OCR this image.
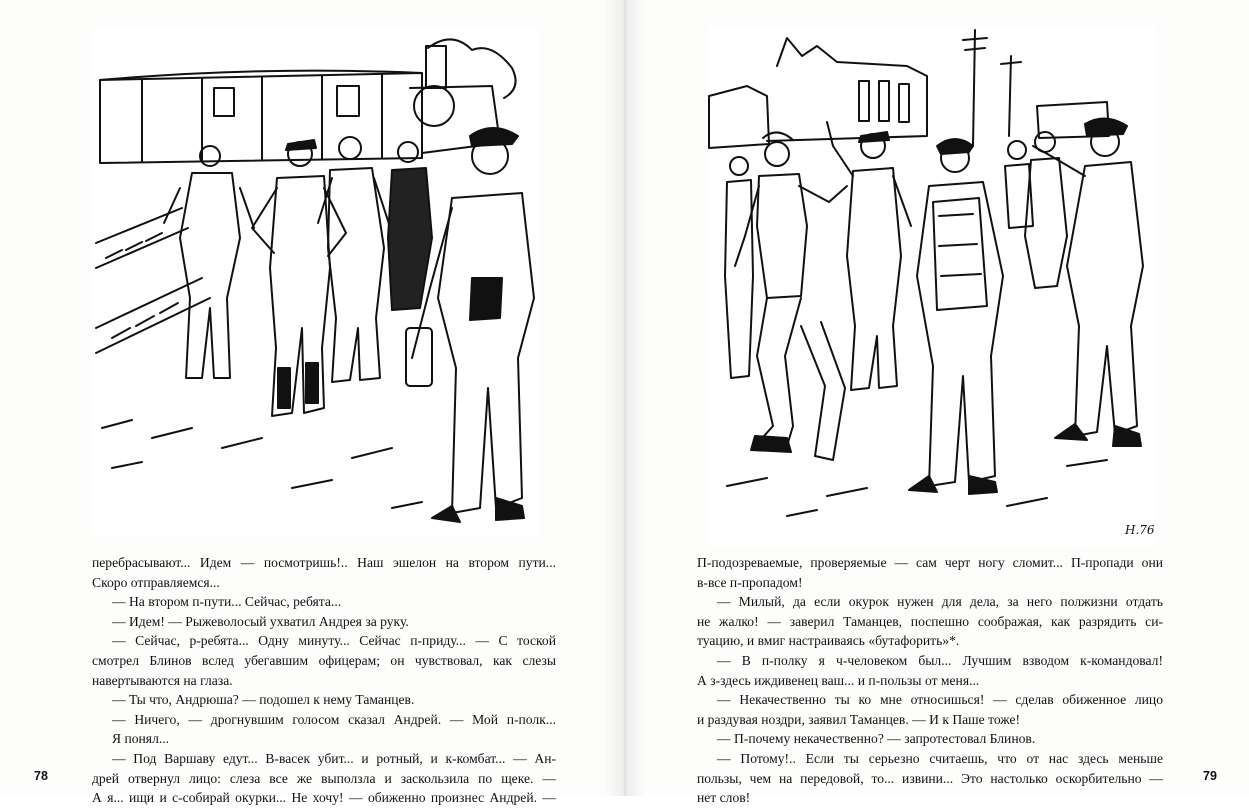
перебрасывают... Идем — посмотришь!.. Наш эшелон на втором пути...
Скоро отправляемся...
— На втором п-пути... Сейчас, ребята...
— Идем! — Рыжеволосый ухватил Андрея за руку.
— Сейчас, р-ребята... Одну минуту... Сейчас п-приду... — С тоской
смотрел Блинов вслед убегавшим офицерам; он чувствовал, как слезы
навертываются на глаза.
— Ты что, Андрюша? — подошел к нему Таманцев.
— Ничего, — дрогнувшим голосом сказал Андрей. — Мой п-полк...
Я понял...
— Под Варшаву едут... В-васек убит... и ротный, и к-комбат... — Ан-
дрей отвернул лицо: слеза все же выползла и заскользила по щеке. —
А я... ищи и с-собирай окурки... Не хочу! — обиженно произнес Андрей. —
78
Н.76
П-подозреваемые, проверяемые — сам черт ногу сломит... П-пропади они
в-все п-пропадом!
— Милый, да если окурок нужен для дела, за него полжизни отдать
не жалко! — заверил Таманцев, поспешно соображая, как разрядить си-
туацию, и вмиг настраиваясь «бутафорить»*.
— В п-полку я ч-человеком был... Лучшим взводом к-командовал!
А з-здесь иждивенец ваш... и п-пользы от меня...
— Некачественно ты ко мне относишься! — сделав обиженное лицо
и раздувая ноздри, заявил Таманцев. — И к Паше тоже!
— П-почему некачественно? — запротестовал Блинов.
— Потому!.. Если ты серьезно считаешь, что от нас здесь меньше
пользы, чем на передовой, то... извини... Это настолько оскорбительно —
нет слов!
79
